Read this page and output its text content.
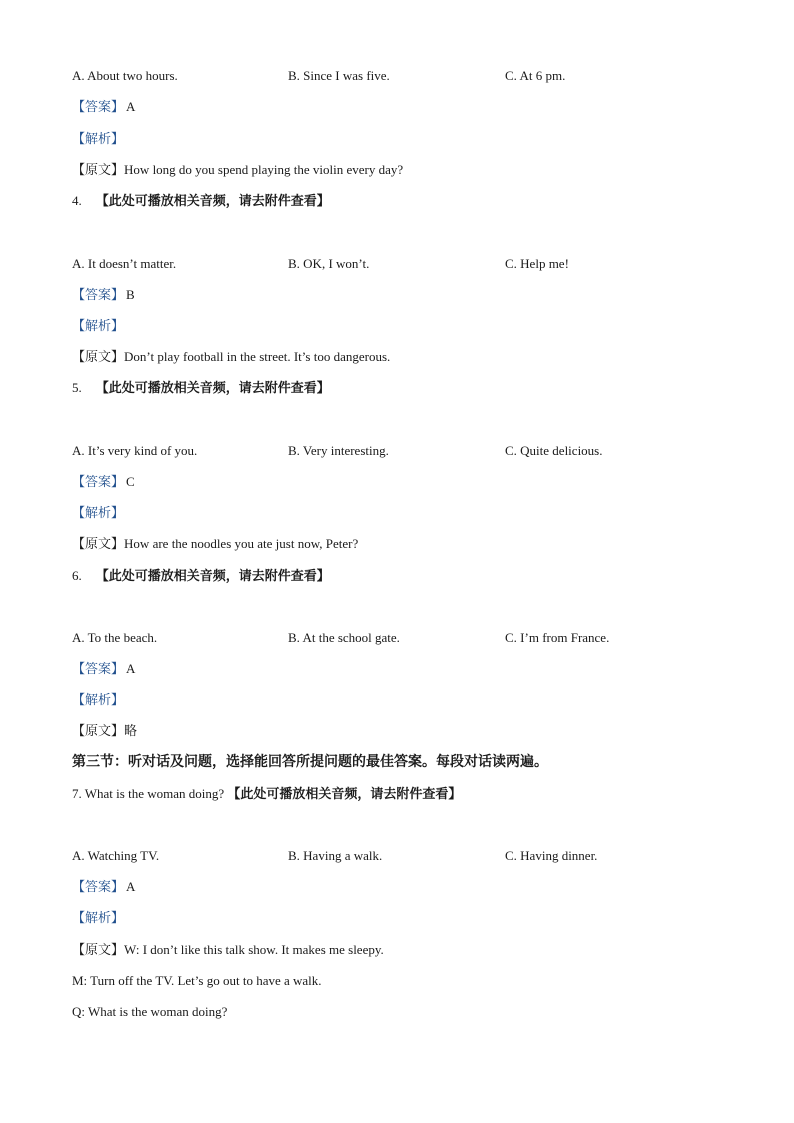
A. About two hours.	B. Since I was five.	C. At 6 pm.
【答案】 A
【解析】
【原文】How long do you spend playing the violin every day?
4. 【此处可播放相关音频，请去附件查看】
A. It doesn’t matter.	B. OK, I won’t.	C. Help me!
【答案】 B
【解析】
【原文】Don’t play football in the street. It’s too dangerous.
5. 【此处可播放相关音频，请去附件查看】
A. It’s very kind of you.	B. Very interesting.	C. Quite delicious.
【答案】 C
【解析】
【原文】How are the noodles you ate just now, Peter?
6. 【此处可播放相关音频，请去附件查看】
A. To the beach.	B. At the school gate.	C. I’m from France.
【答案】 A
【解析】
【原文】略
第三节：听对话及问题，选择能回答所提问题的最佳答案。每段对话读两遍。
7. What is the woman doing? 【此处可播放相关音频，请去附件查看】
A. Watching TV.	B. Having a walk.	C. Having dinner.
【答案】 A
【解析】
【原文】W: I don’t like this talk show. It makes me sleepy.
M: Turn off the TV. Let’s go out to have a walk.
Q: What is the woman doing?
